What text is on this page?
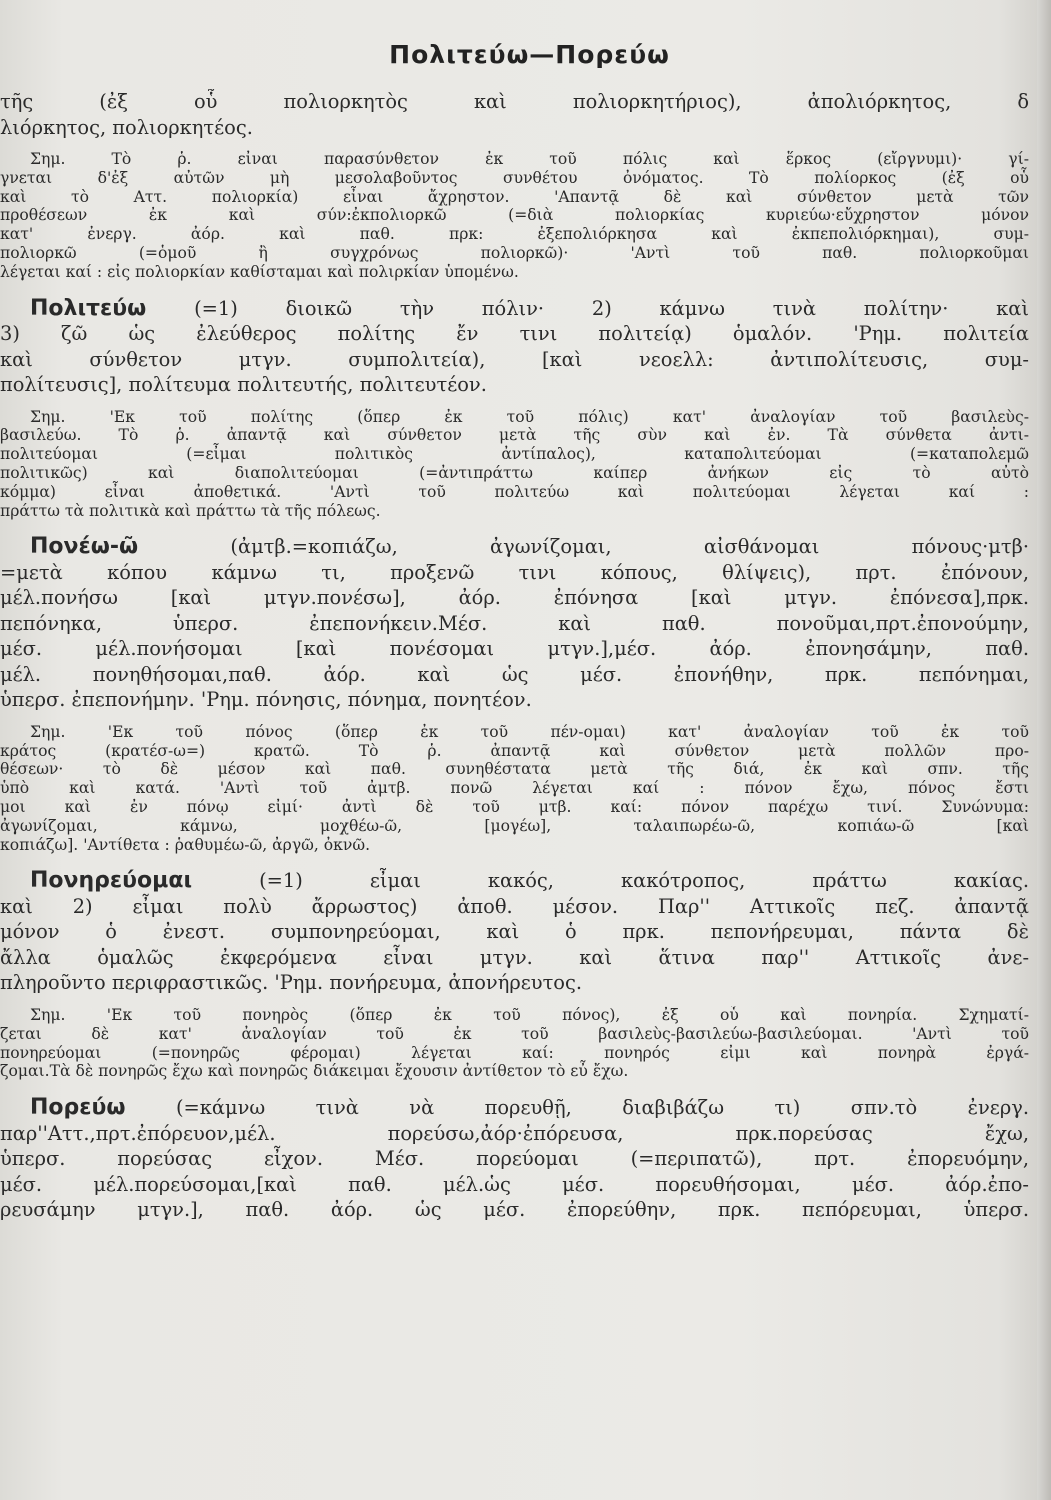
Πολιτεύω—Πορεύω

τῆς (ἐξ οὗ πολιορκητὸς καὶ πολιορκητήριος), ἀπολιόρκητος, δ

λιόρκητος, πολιορκητέος.

Σημ. Τὸ ῥ. εἶναι παρασύνθετον ἐκ τοῦ πόλις καὶ ἕρκος (εἴργνυμι)· γί-

γνεται δ'ἐξ αὐτῶν μὴ μεσολαβοῦντος συνθέτου ὀνόματος. Τὸ πολίορκος (ἐξ οὗ

καὶ τὸ Αττ. πολιορκία) εἶναι ἄχρηστον. 'Απαντᾷ δὲ καὶ σύνθετον μετὰ τῶν

προθέσεων ἐκ καὶ σύν:ἐκπολιορκῶ (=διὰ πολιορκίας κυριεύω·εὔχρηστον μόνον

κατ' ἐνεργ. ἀόρ. καὶ παθ. πρκ: ἐξεπολιόρκησα καὶ ἐκπεπολιόρκημαι), συμ-

πολιορκῶ (=ὁμοῦ ἢ συγχρόνως πολιορκῶ)· 'Αντὶ τοῦ παθ. πολιορκοῦμαι

λέγεται καί : εἰς πολιορκίαν καθίσταμαι καὶ πολιρκίαν ὑπομένω.

Πολιτεύω (=1) διοικῶ τὴν πόλιν· 2) κάμνω τινὰ πολίτην· καὶ

3) ζῶ ὡς ἐλεύθερος πολίτης ἔν τινι πολιτείᾳ) ὁμαλόν. 'Ρημ. πολιτεία

καὶ σύνθετον μτγν. συμπολιτεία), [καὶ νεοελλ: ἀντιπολίτευσις, συμ-

πολίτευσις], πολίτευμα πολιτευτής, πολιτευτέον.

Σημ. 'Εκ τοῦ πολίτης (ὅπερ ἐκ τοῦ πόλις) κατ' ἀναλογίαν τοῦ βασιλεὺς-

βασιλεύω. Τὸ ῥ. ἀπαντᾷ καὶ σύνθετον μετὰ τῆς σὺν καὶ ἐν. Τὰ σύνθετα ἀντι-

πολιτεύομαι (=εἶμαι πολιτικὸς ἀντίπαλος), καταπολιτεύομαι (=καταπολεμῶ

πολιτικῶς) καὶ διαπολιτεύομαι (=ἀντιπράττω καίπερ ἀνήκων εἰς τὸ αὐτὸ

κόμμα) εἶναι ἀποθετικά. 'Αντὶ τοῦ πολιτεύω καὶ πολιτεύομαι λέγεται καί :

πράττω τὰ πολιτικὰ καὶ πράττω τὰ τῆς πόλεως.

Πονέω-ῶ	(ἀμτβ.=κοπιάζω, ἀγωνίζομαι, αἰσθάνομαι πόνους·μτβ·

=μετὰ κόπου κάμνω τι, προξενῶ τινι κόπους, θλίψεις), πρτ. ἐπόνουν,

μέλ.πονήσω [καὶ μτγν.πονέσω], ἀόρ. ἐπόνησα [καὶ μτγν. ἐπόνεσα],πρκ.

πεπόνηκα, ὑπερσ. ἐπεπονήκειν.Μέσ. καὶ παθ. πονοῦμαι,πρτ.ἐπονούμην,

μέσ. μέλ.πονήσομαι [καὶ πονέσομαι μτγν.],μέσ. ἀόρ. ἐπονησάμην, παθ.

μέλ. πονηθήσομαι,παθ. ἀόρ. καὶ ὡς μέσ. ἐπονήθην, πρκ. πεπόνημαι,

ὑπερσ. ἐπεπονήμην. 'Ρημ. πόνησις, πόνημα, πονητέον.

Σημ. 'Εκ τοῦ πόνος (ὅπερ ἐκ τοῦ πέν-ομαι) κατ' ἀναλογίαν τοῦ ἐκ τοῦ

κράτος (κρατέσ-ω=) κρατῶ. Τὸ ῥ. ἀπαντᾷ καὶ σύνθετον μετὰ πολλῶν προ-

θέσεων· τὸ δὲ μέσον καὶ παθ. συνηθέστατα μετὰ τῆς διά, ἐκ καὶ σπν. τῆς

ὑπὸ καὶ κατά. 'Αντὶ τοῦ ἀμτβ. πονῶ λέγεται καί : πόνον ἔχω, πόνος ἔστι

μοι καὶ ἐν πόνῳ εἰμί· ἀντὶ δὲ τοῦ μτβ. καί: πόνον παρέχω τινί. Συνώνυμα:

ἀγωνίζομαι, κάμνω, μοχθέω-ῶ, [μογέω], ταλαιπωρέω-ῶ, κοπιάω-ῶ [καὶ

κοπιάζω]. 'Αντίθετα : ῥαθυμέω-ῶ, ἀργῶ, ὀκνῶ.

Πονηρεύομαι	(=1) εἶμαι κακός, κακότροπος, πράττω κακίας.

καὶ 2) εἶμαι πολὺ ἄρρωστος) ἀποθ. μέσον. Παρ'' Αττικοῖς πεζ. ἀπαντᾷ

μόνον ὁ ἐνεστ. συμπονηρεύομαι, καὶ ὁ πρκ. πεπονήρευμαι, πάντα δὲ

ἄλλα ὁμαλῶς ἐκφερόμενα εἶναι μτγν. καὶ ἅτινα παρ'' Αττικοῖς ἀνε-

πληροῦντο περιφραστικῶς. 'Ρημ. πονήρευμα, ἀπονήρευτος.

Σημ. 'Εκ τοῦ πονηρὸς (ὅπερ ἐκ τοῦ πόνος), ἐξ οὗ καὶ πονηρία. Σχηματί-

ζεται δὲ κατ' ἀναλογίαν τοῦ ἐκ τοῦ βασιλεὺς-βασιλεύω-βασιλεύομαι. 'Αντὶ τοῦ

πονηρεύομαι (=πονηρῶς φέρομαι) λέγεται καί: πονηρός εἰμι καὶ πονηρὰ ἐργά-

ζομαι.Τὰ δὲ πονηρῶς ἔχω καὶ πονηρῶς διάκειμαι ἔχουσιν ἀντίθετον τὸ εὖ ἔχω.

Πορεύω	(=κάμνω τινὰ νὰ πορευθῇ, διαβιβάζω τι) σπν.τὸ ἐνεργ.

παρ''Αττ.,πρτ.ἐπόρευον,μέλ. πορεύσω,ἀόρ·ἐπόρευσα, πρκ.πορεύσας ἔχω,

ὑπερσ. πορεύσας εἶχον. Μέσ. πορεύομαι (=περιπατῶ), πρτ. ἐπορευόμην,

μέσ. μέλ.πορεύσομαι,[καὶ παθ. μέλ.ὡς μέσ. πορευθήσομαι, μέσ. ἀόρ.ἐπο-

ρευσάμην μτγν.], παθ. ἀόρ. ὡς μέσ. ἐπορεύθην, πρκ. πεπόρευμαι, ὑπερσ.
